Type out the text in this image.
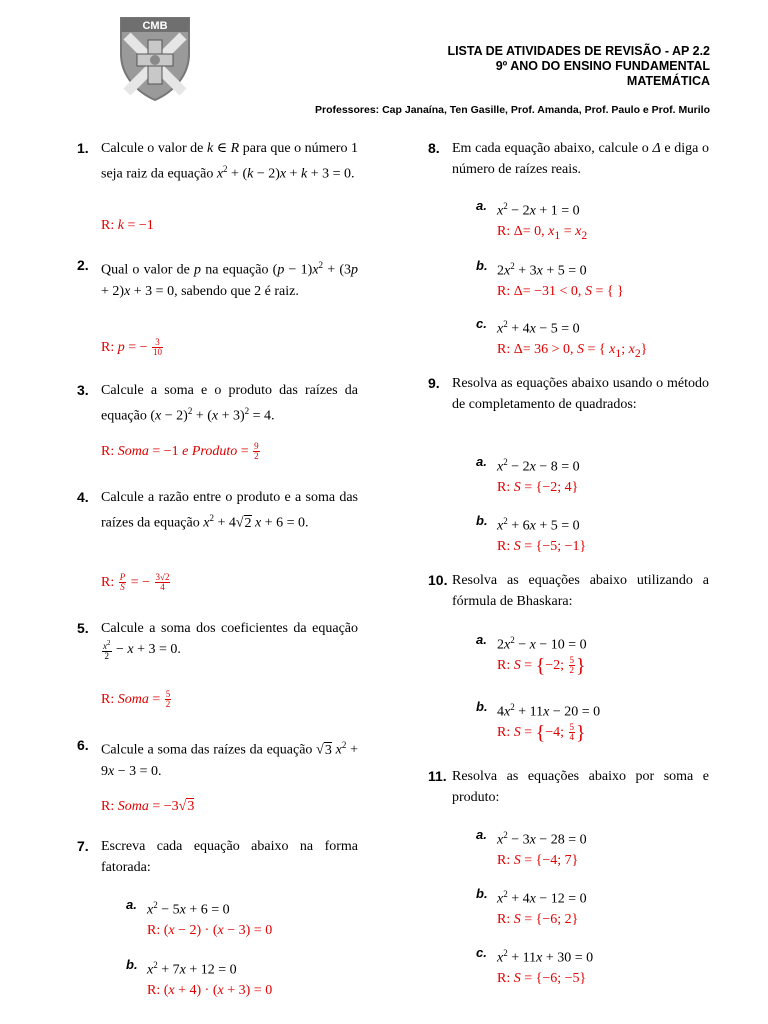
CMB
LISTA DE ATIVIDADES DE REVISÃO - AP 2.2
9º ANO DO ENSINO FUNDAMENTAL
MATEMÁTICA
Professores: Cap Janaína, Ten Gasille, Prof. Amanda, Prof. Paulo e Prof. Murilo
1. Calcule o valor de k ∈ R para que o número 1 seja raiz da equação $x^2 + (k - 2)x + k + 3 = 0$.
R: k = −1
2. Qual o valor de p na equação $(p - 1)x^2 + (3p + 2)x + 3 = 0$, sabendo que 2 é raiz.
R: p = − $\frac{3}{10}$
3. Calcule a soma e o produto das raízes da equação $(x - 2)^2 + (x + 3)^2 = 4$.
R: Soma = −1 e Produto = $\frac{9}{2}$
4. Calcule a razão entre o produto e a soma das raízes da equação $x^2 + 4√2$ x + 6 = 0.
R: $\frac{P}{S}$ = − $\frac{3√2}{4}$
5. Calcule a soma dos coeficientes da equação
$\frac{x^2}{2} - x + 3 = 0$.
R: Soma = $\frac{5}{2}$
6. Calcule a soma das raízes da equação √3 $x^2 + 9x - 3 = 0$.
R: Soma = −3√3
7. Escreva cada equação abaixo na forma fatorada:
a. $x^2 - 5x + 6 = 0$
R: (x − 2) · (x − 3) = 0
b. $x^2 + 7x + 12 = 0$
R: (x + 4) · (x + 3) = 0
8. Em cada equação abaixo, calcule o Δ e diga o número de raízes reais.
a. $x^2 - 2x + 1 = 0$
R: Δ= 0, $x_1 = x_2$
b. $2x^2 + 3x + 5 = 0$
R: Δ= −31 < 0, S = { }
c. $x^2 + 4x - 5 = 0$
R: Δ= 36 > 0, S = { $x_1$; $x_2$}
9. Resolva as equações abaixo usando o método de completamento de quadrados:
a. $x^2 - 2x - 8 = 0$
R: S = {−2; 4}
b. $x^2 + 6x + 5 = 0$
R: S = {−5; −1}
10. Resolva as equações abaixo utilizando a fórmula de Bhaskara:
a. $2x^2 - x - 10 = 0$
R: S = {−2; $\frac{5}{2}$ }
b. $4x^2 + 11x - 20 = 0$
R: S = {−4; $\frac{5}{4}$ }
11. Resolva as equações abaixo por soma e produto:
a. $x^2 - 3x - 28 = 0$
R: S = {−4; 7}
b. $x^2 + 4x - 12 = 0$
R: S = {−6; 2}
c. $x^2 + 11x + 30 = 0$
R: S = {−6; −5}
